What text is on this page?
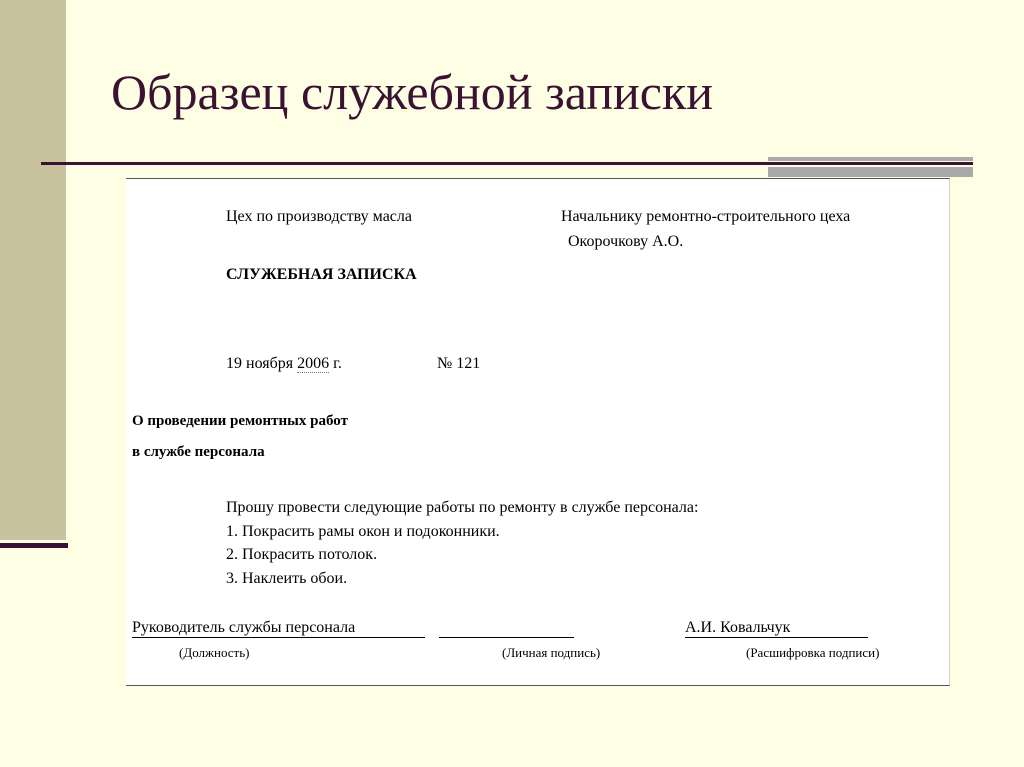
Образец служебной записки
Цех по производству масла	Начальнику ремонтно-строительного цеха
Окорочкову А.О.
СЛУЖЕБНАЯ ЗАПИСКА
19 ноября 2006 г.	№ 121
О проведении ремонтных работ
в службе персонала
Прошу провести следующие работы по ремонту в службе персонала:
1. Покрасить рамы окон и подоконники.
2. Покрасить потолок.
3. Наклеить обои.
Руководитель службы персонала	А.И. Ковальчук
(Должность)	(Личная подпись)	(Расшифровка подписи)
